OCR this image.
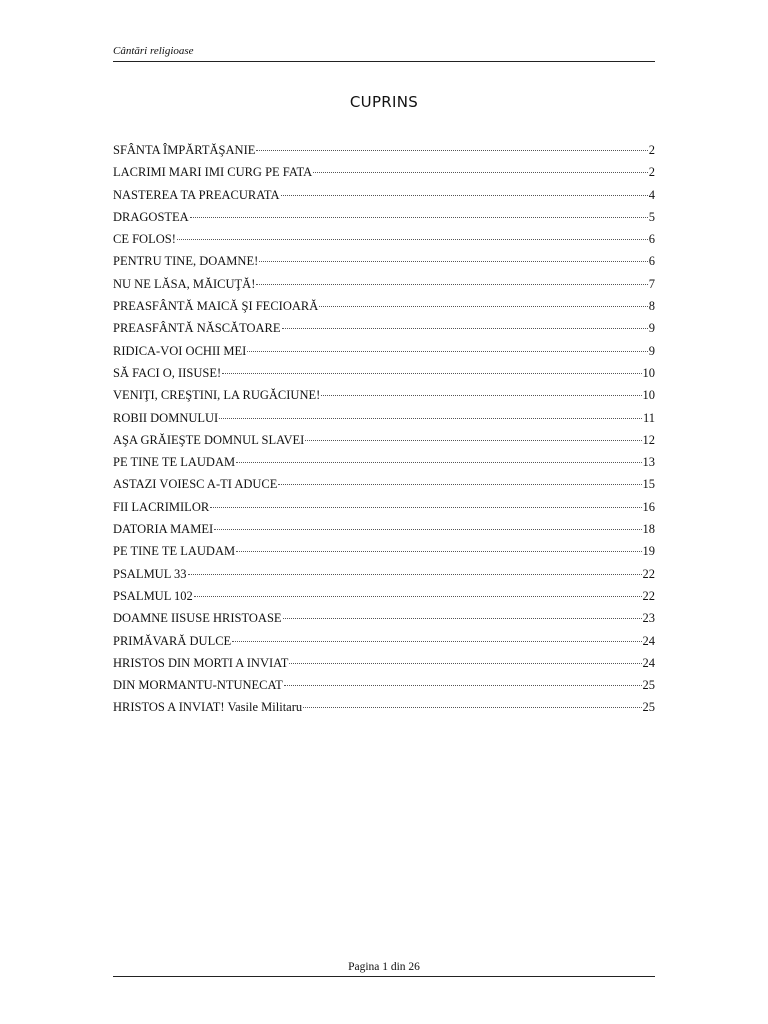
Cântări religioase
CUPRINS
SFÂNTA ÎMPĂRTĂŞANIE	2
LACRIMI MARI IMI CURG PE FATA	2
NASTEREA TA PREACURATA	4
DRAGOSTEA	5
CE FOLOS!	6
PENTRU TINE, DOAMNE!	6
NU NE LĂSA, MĂICUŢĂ!	7
PREASFÂNTĂ MAICĂ ŞI FECIOARĂ	8
PREASFÂNTĂ NĂSCĂTOARE	9
RIDICA-VOI OCHII MEI	9
SĂ FACI O, IISUSE!	10
VENIŢI, CREŞTINI, LA RUGĂCIUNE!	10
ROBII DOMNULUI	11
AŞA GRĂIEŞTE DOMNUL SLAVEI	12
PE TINE TE LAUDAM	13
ASTAZI VOIESC A-TI ADUCE	15
FII LACRIMILOR	16
DATORIA MAMEI	18
PE TINE TE LAUDAM	19
PSALMUL 33	22
PSALMUL 102	22
DOAMNE IISUSE HRISTOASE	23
PRIMĂVARĂ DULCE	24
HRISTOS DIN MORTI A INVIAT	24
DIN MORMANTU-NTUNECAT	25
HRISTOS A INVIAT! Vasile Militaru	25
Pagina 1 din 26
